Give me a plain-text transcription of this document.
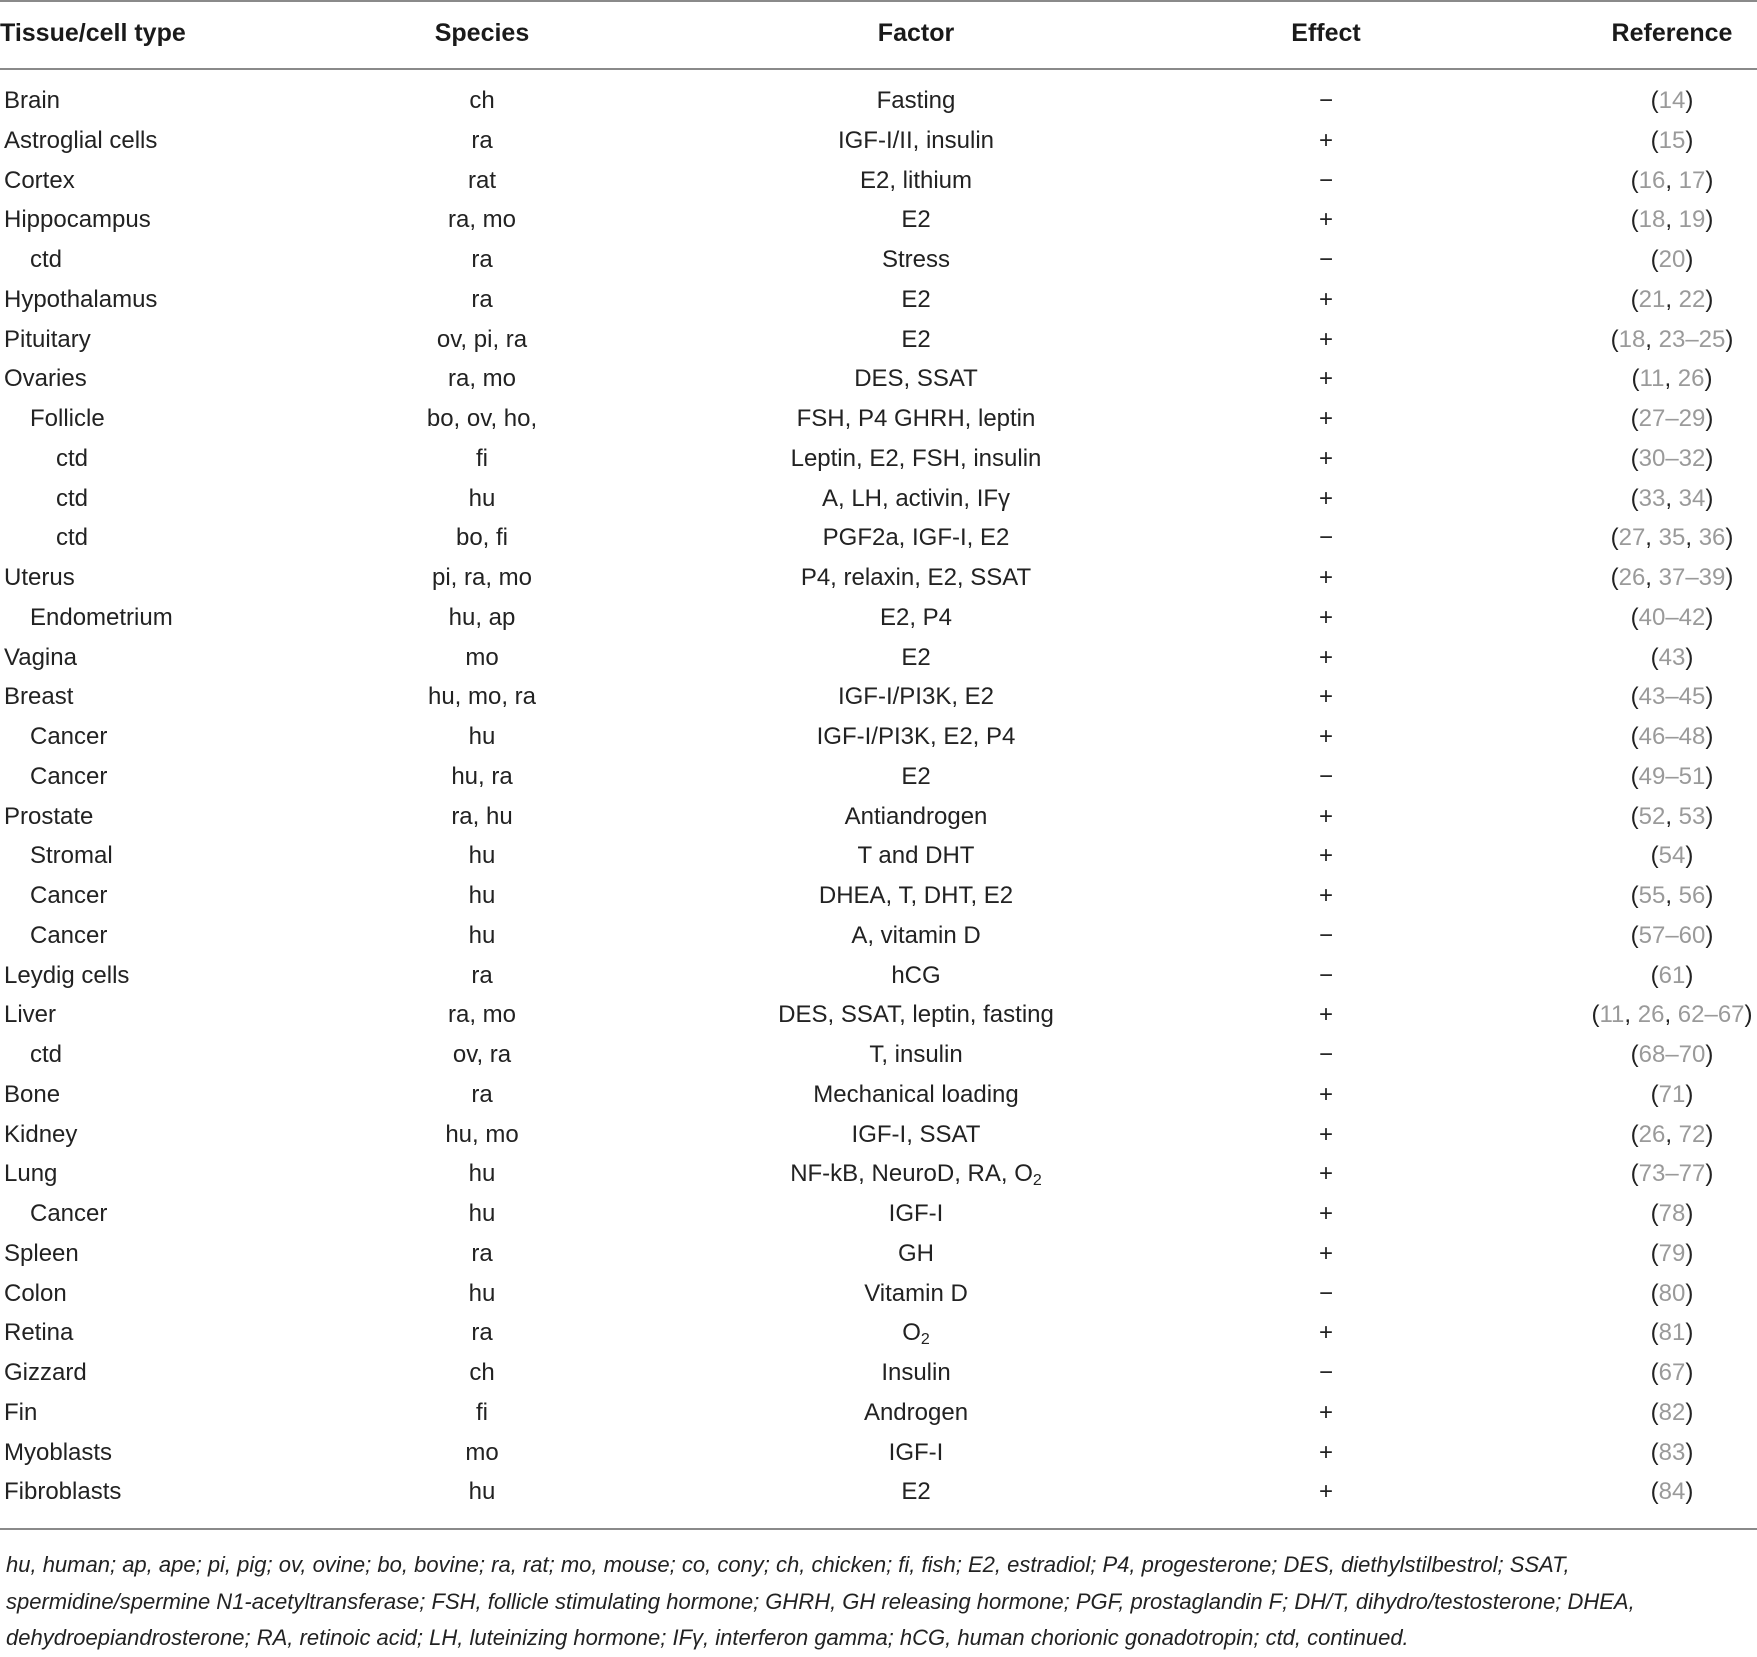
Tissue/cell type	Species	Factor	Effect	Reference
Brain	ch	Fasting	−	(14)
Astroglial cells	ra	IGF-I/II, insulin	+	(15)
Cortex	rat	E2, lithium	−	(16, 17)
Hippocampus	ra, mo	E2	+	(18, 19)
ctd	ra	Stress	−	(20)
Hypothalamus	ra	E2	+	(21, 22)
Pituitary	ov, pi, ra	E2	+	(18, 23–25)
Ovaries	ra, mo	DES, SSAT	+	(11, 26)
Follicle	bo, ov, ho,	FSH, P4 GHRH, leptin	+	(27–29)
ctd	fi	Leptin, E2, FSH, insulin	+	(30–32)
ctd	hu	A, LH, activin, IFγ	+	(33, 34)
ctd	bo, fi	PGF2a, IGF-I, E2	−	(27, 35, 36)
Uterus	pi, ra, mo	P4, relaxin, E2, SSAT	+	(26, 37–39)
Endometrium	hu, ap	E2, P4	+	(40–42)
Vagina	mo	E2	+	(43)
Breast	hu, mo, ra	IGF-I/PI3K, E2	+	(43–45)
Cancer	hu	IGF-I/PI3K, E2, P4	+	(46–48)
Cancer	hu, ra	E2	−	(49–51)
Prostate	ra, hu	Antiandrogen	+	(52, 53)
Stromal	hu	T and DHT	+	(54)
Cancer	hu	DHEA, T, DHT, E2	+	(55, 56)
Cancer	hu	A, vitamin D	−	(57–60)
Leydig cells	ra	hCG	−	(61)
Liver	ra, mo	DES, SSAT, leptin, fasting	+	(11, 26, 62–67)
ctd	ov, ra	T, insulin	−	(68–70)
Bone	ra	Mechanical loading	+	(71)
Kidney	hu, mo	IGF-I, SSAT	+	(26, 72)
Lung	hu	NF-kB, NeuroD, RA, $O_2$	+	(73–77)
Cancer	hu	IGF-I	+	(78)
Spleen	ra	GH	+	(79)
Colon	hu	Vitamin D	−	(80)
Retina	ra	$O_2$	+	(81)
Gizzard	ch	Insulin	−	(67)
Fin	fi	Androgen	+	(82)
Myoblasts	mo	IGF-I	+	(83)
Fibroblasts	hu	E2	+	(84)
hu, human; ap, ape; pi, pig; ov, ovine; bo, bovine; ra, rat; mo, mouse; co, cony; ch, chicken; fi, fish; E2, estradiol; P4, progesterone; DES, diethylstilbestrol; SSAT, spermidine/spermine N1-acetyltransferase; FSH, follicle stimulating hormone; GHRH, GH releasing hormone; PGF, prostaglandin F; DH/T, dihydro/testosterone; DHEA, dehydroepiandrosterone; RA, retinoic acid; LH, luteinizing hormone; IFγ, interferon gamma; hCG, human chorionic gonadotropin; ctd, continued.
